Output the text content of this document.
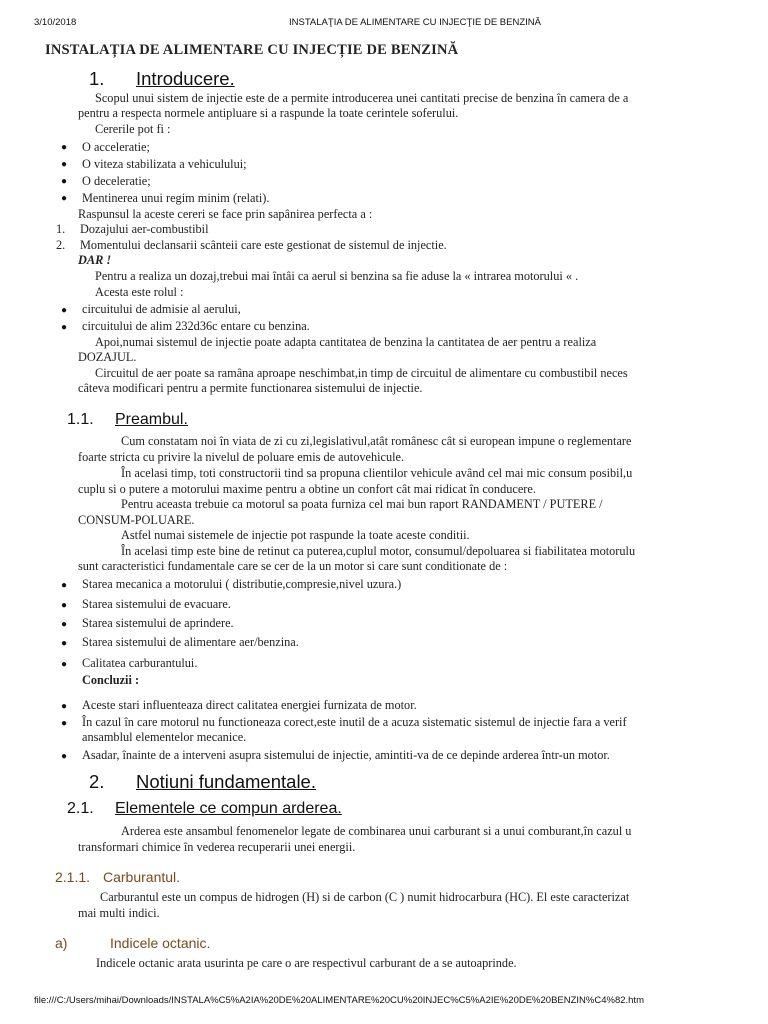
3/10/2018	INSTALAŢIA DE ALIMENTARE CU INJECŢIE DE BENZINĂ
INSTALAȚIA DE ALIMENTARE CU INJECȚIE DE BENZINĂ
1. Introducere.
Scopul unui sistem de injectie este de a permite introducerea unei cantitati precise de benzina în camera de a
pentru a respecta normele antipluare si a raspunde la toate cerintele soferului.
Cererile pot fi :
● O acceleratie;
● O viteza stabilizata a vehiculului;
● O deceleratie;
● Mentinerea unui regim minim (relati).
Raspunsul la aceste cereri se face prin sapânirea perfecta a :
1. Dozajului aer-combustibil
2. Momentului declansarii scânteii care este gestionat de sistemul de injectie.
DAR !
Pentru a realiza un dozaj,trebui mai întâi ca aerul si benzina sa fie aduse la « intrarea motorului « .
Acesta este rolul :
● circuitului de admisie al aerului,
● circuitului de alim 232d36c entare cu benzina.
Apoi,numai sistemul de injectie poate adapta cantitatea de benzina la cantitatea de aer pentru a realiza
DOZAJUL.
Circuitul de aer poate sa ramâna aproape neschimbat,in timp de circuitul de alimentare cu combustibil neces
câteva modificari pentru a permite functionarea sistemului de injectie.
1.1. Preambul.
Cum constatam noi în viata de zi cu zi,legislativul,atât românesc cât si european impune o reglementare
foarte stricta cu privire la nivelul de poluare emis de autovehicule.
În acelasi timp, toti constructorii tind sa propuna clientilor vehicule având cel mai mic consum posibil,u
cuplu si o putere a motorului maxime pentru a obtine un confort cât mai ridicat în conducere.
Pentru aceasta trebuie ca motorul sa poata furniza cel mai bun raport RANDAMENT / PUTERE /
CONSUM-POLUARE.
Astfel numai sistemele de injectie pot raspunde la toate aceste conditii.
În acelasi timp este bine de retinut ca puterea,cuplul motor, consumul/depoluarea si fiabilitatea motorulu
sunt caracteristici fundamentale care se cer de la un motor si care sunt conditionate de :
● Starea mecanica a motorului ( distributie,compresie,nivel uzura.)
● Starea sistemului de evacuare.
● Starea sistemului de aprindere.
● Starea sistemului de alimentare aer/benzina.
● Calitatea carburantului.
Concluzii :
● Aceste stari influenteaza direct calitatea energiei furnizata de motor.
● În cazul în care motorul nu functioneaza corect,este inutil de a acuza sistematic sistemul de injectie fara a verif
ansamblul elementelor mecanice.
● Asadar, înainte de a interveni asupra sistemului de injectie, amintiti-va de ce depinde arderea într-un motor.
2. Notiuni fundamentale.
2.1. Elementele ce compun arderea.
Arderea este ansambul fenomenelor legate de combinarea unui carburant si a unui comburant,în cazul u
transformari chimice în vederea recuperarii unei energii.
2.1.1. Carburantul.
Carburantul este un compus de hidrogen (H) si de carbon (C ) numit hidrocarbura (HC). El este caracterizat
mai multi indici.
a)	Indicele octanic.
Indicele octanic arata usurinta pe care o are respectivul carburant de a se autoaprinde.
file:///C:/Users/mihai/Downloads/INSTALA%C5%A2IA%20DE%20ALIMENTARE%20CU%20INJEC%C5%A2IE%20DE%20BENZIN%C4%82.htm
